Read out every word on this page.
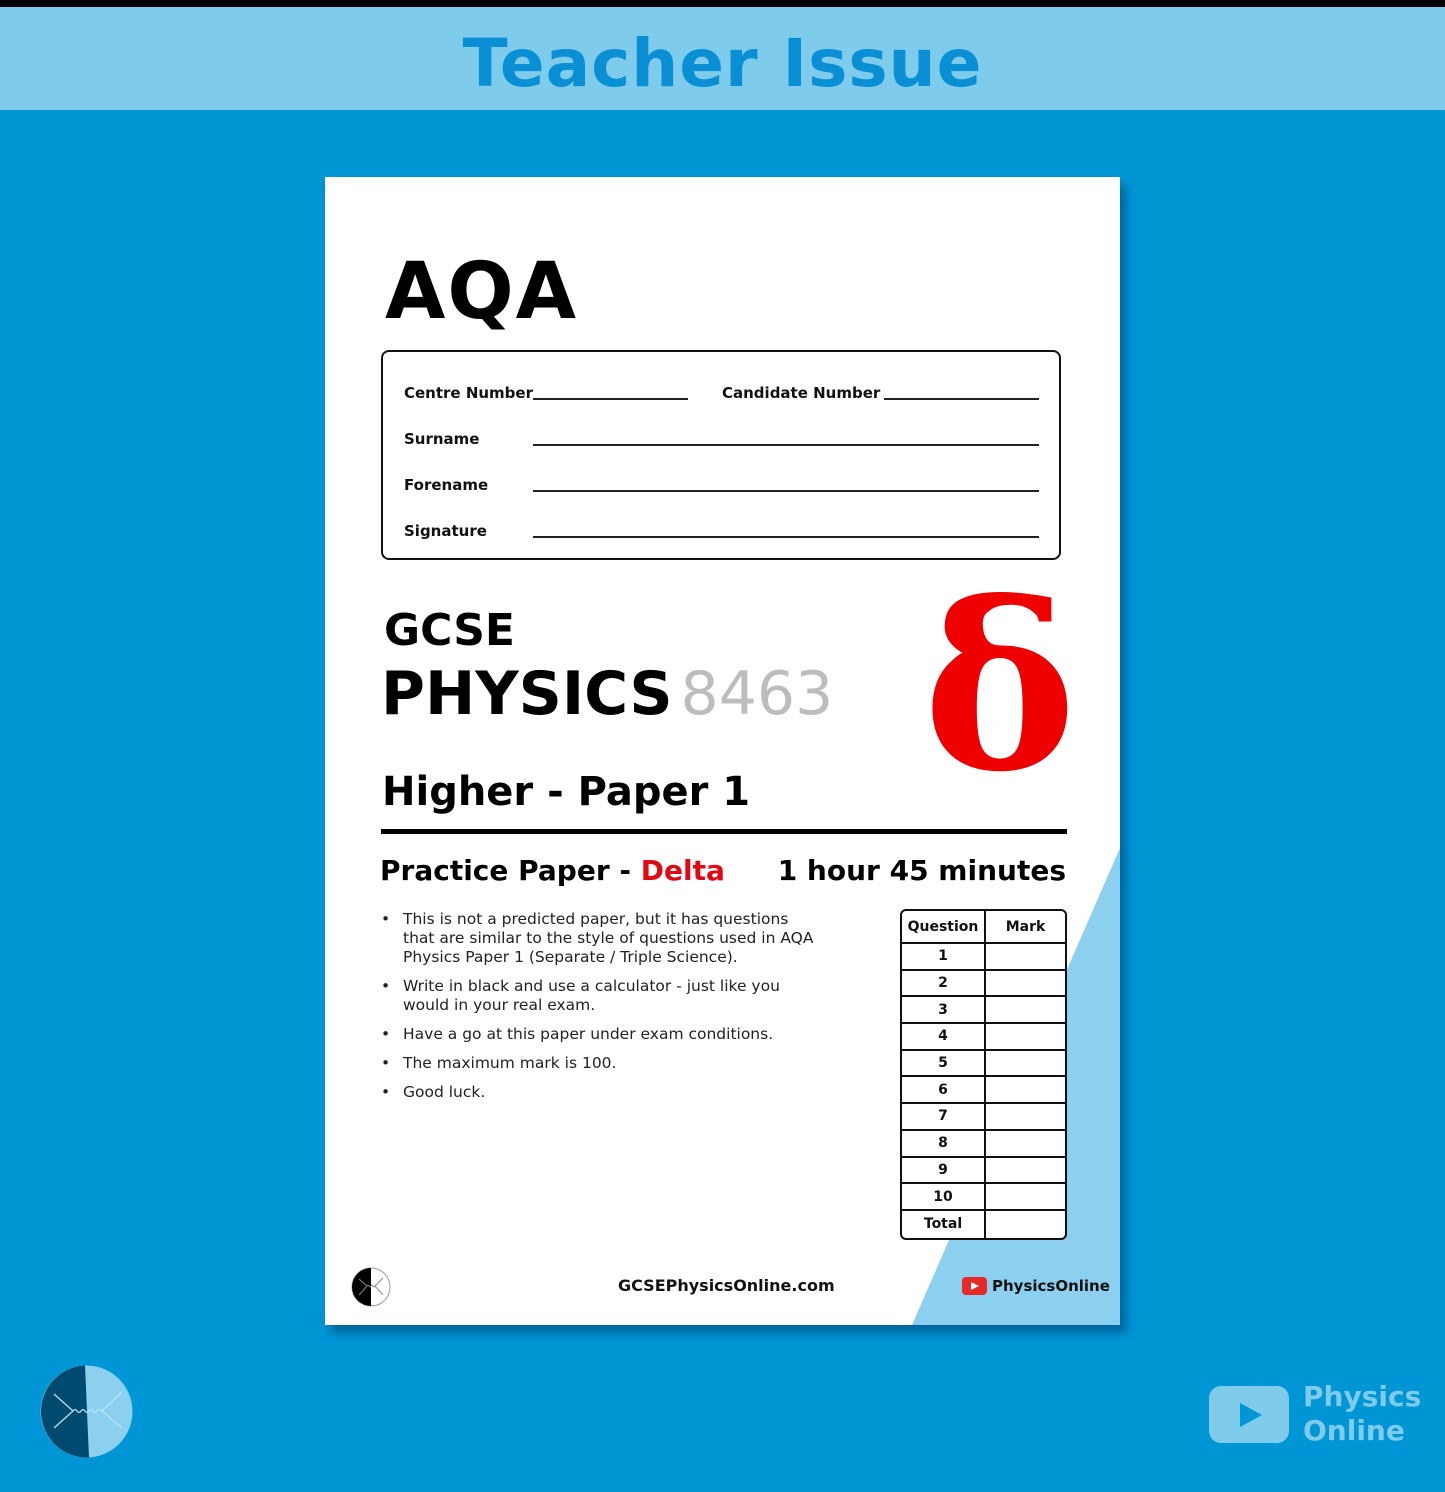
Teacher Issue
AQA
Centre Number	Candidate Number
Surname
Forename
Signature
GCSE
PHYSICS 8463 δ
Higher - Paper 1
Practice Paper - Delta 1 hour 45 minutes
• This is not a predicted paper, but it has questions that are similar to the style of questions used in AQA Physics Paper 1 (Separate / Triple Science).
• Write in black and use a calculator - just like you would in your real exam.
• Have a go at this paper under exam conditions.
• The maximum mark is 100.
• Good luck.
Question	Mark
1	
2	
3	
4	
5	
6	
7	
8	
9	
10	
Total	
GCSEPhysicsOnline.com	PhysicsOnline
Physics
Online
